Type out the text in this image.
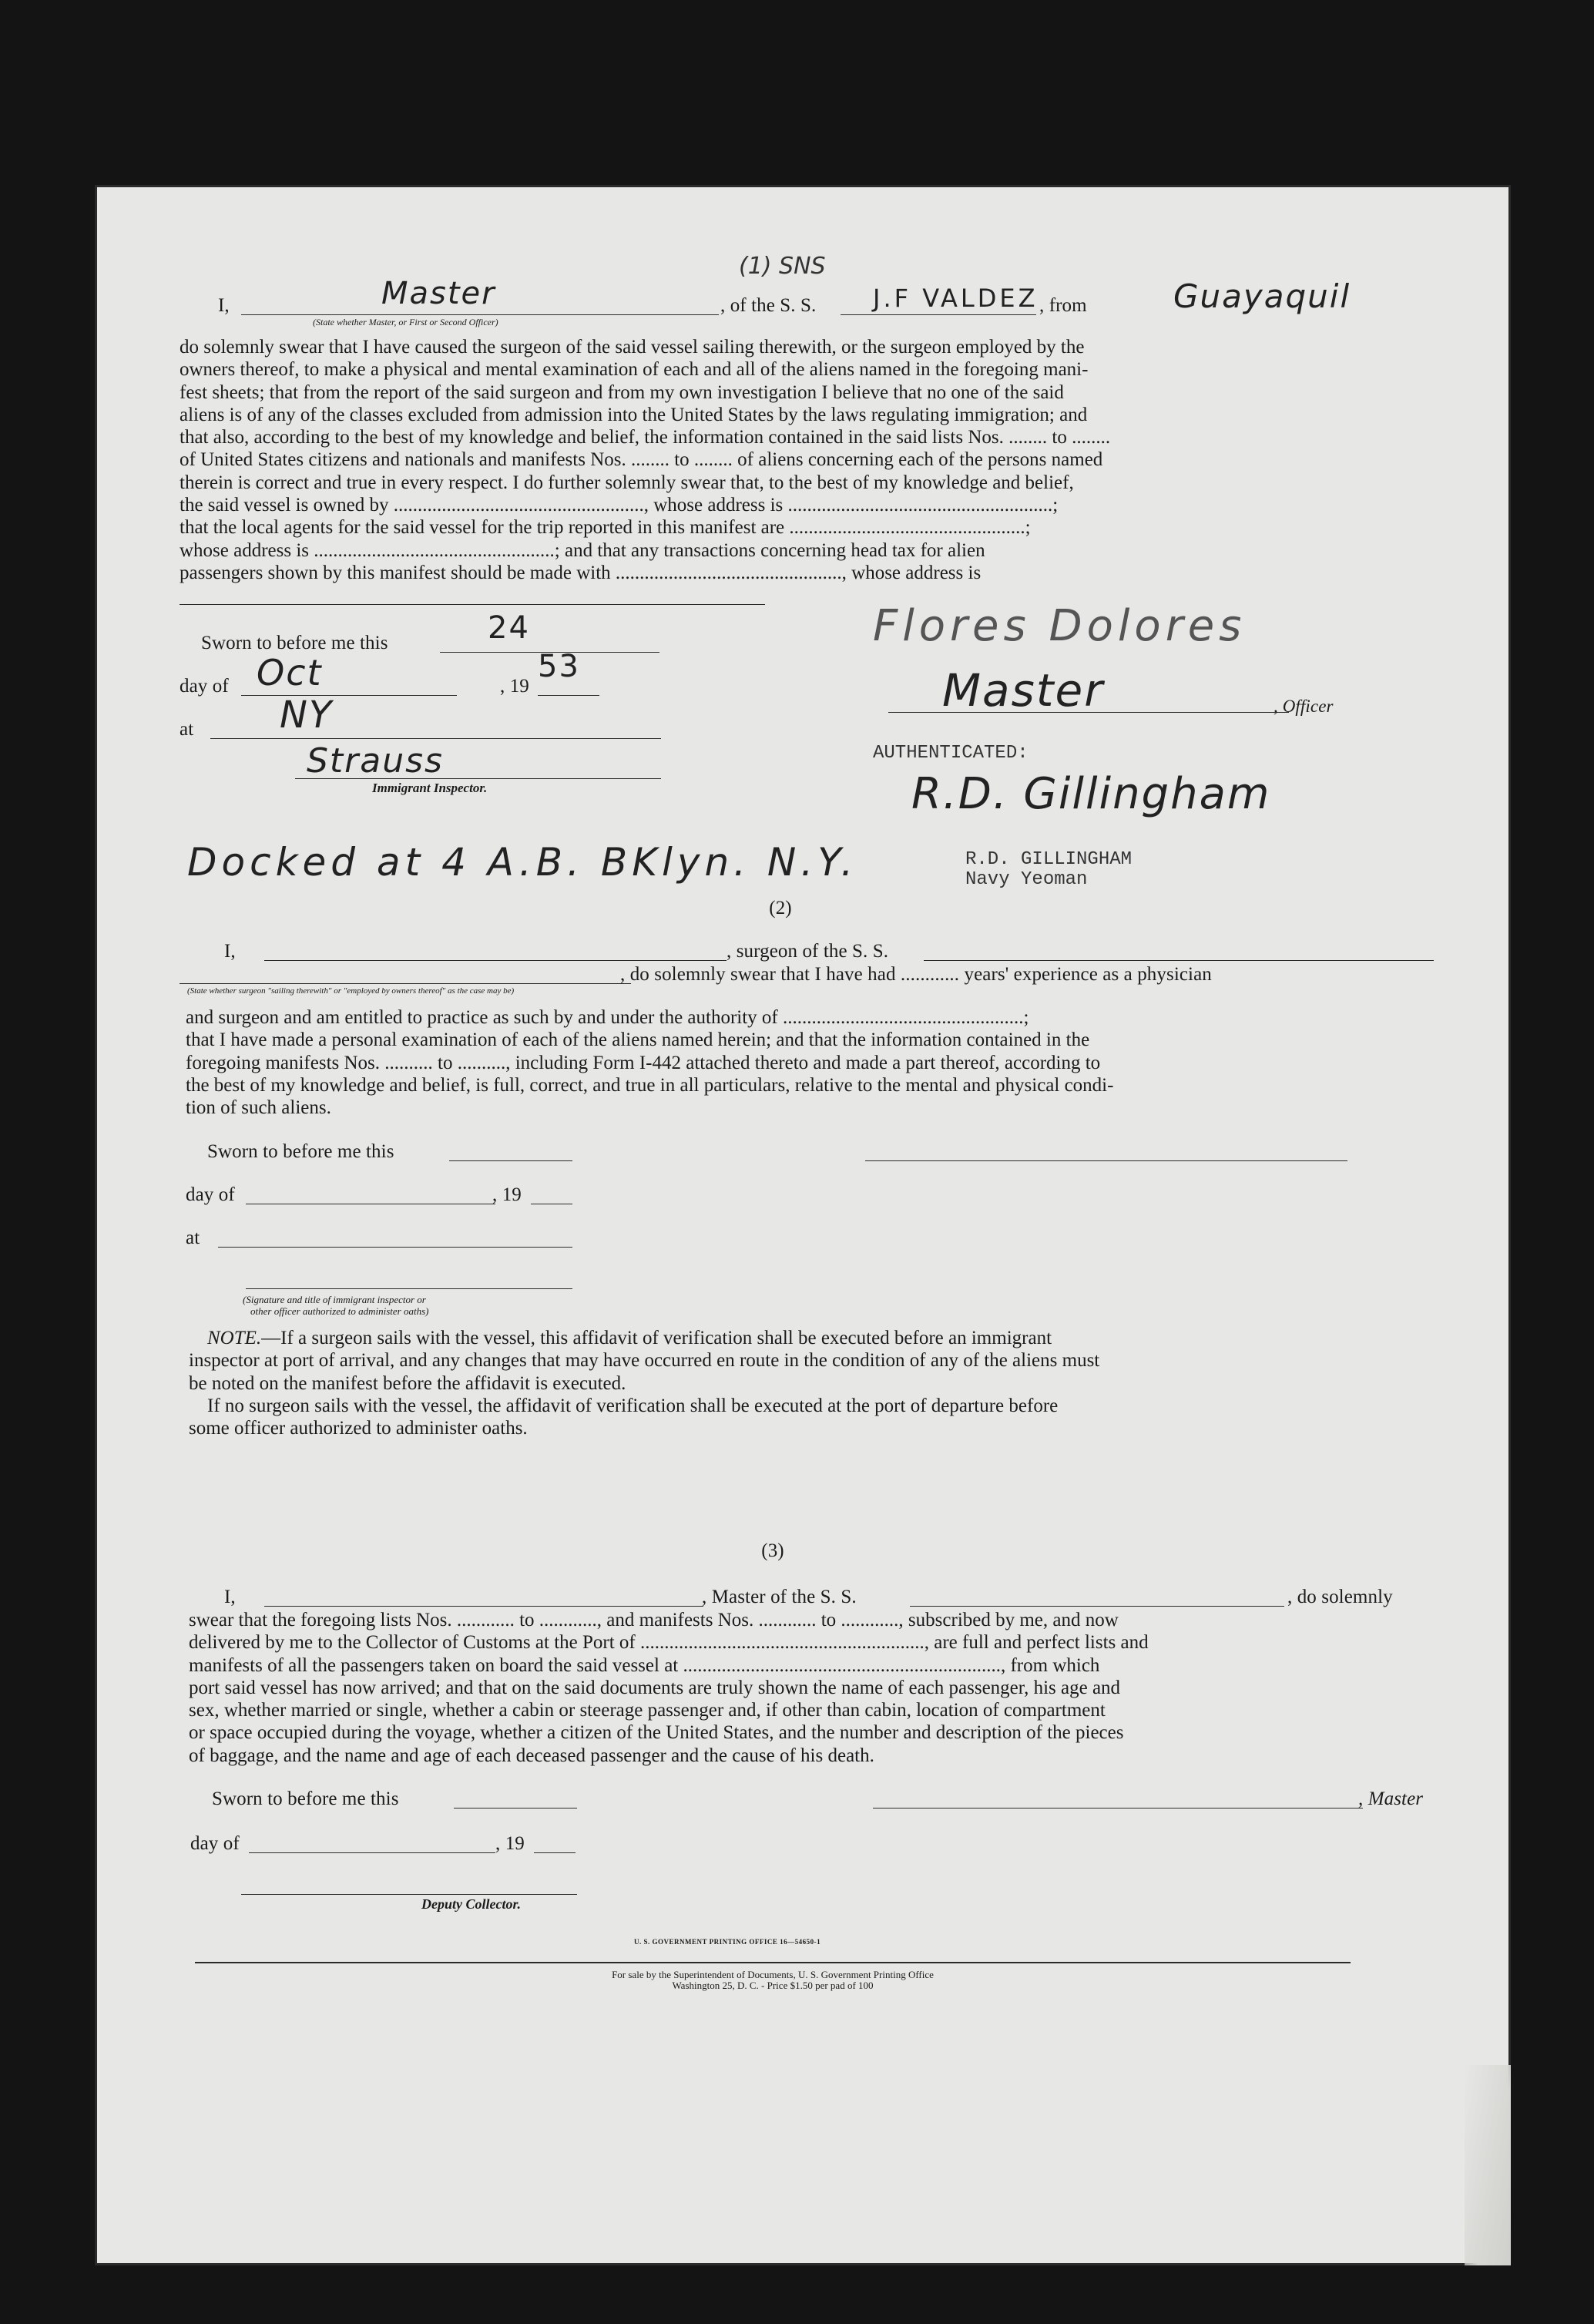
(1) SNS
I,	Master
(State whether Master, or First or Second Officer)
, of the S. S. J.F VALDEZ , from	Guayaquil
do solemnly swear that I have caused the surgeon of the said vessel sailing therewith, or the surgeon employed by the
owners thereof, to make a physical and mental examination of each and all of the aliens named in the foregoing mani-
fest sheets; that from the report of the said surgeon and from my own investigation I believe that no one of the said
aliens is of any of the classes excluded from admission into the United States by the laws regulating immigration; and
that also, according to the best of my knowledge and belief, the information contained in the said lists Nos. ........ to ........
of United States citizens and nationals and manifests Nos. ........ to ........ of aliens concerning each of the persons named
therein is correct and true in every respect. I do further solemnly swear that, to the best of my knowledge and belief,
the said vessel is owned by ...................................................., whose address is .......................................................;
that the local agents for the said vessel for the trip reported in this manifest are .................................................;
whose address is ..................................................; and that any transactions concerning head tax for alien
passengers shown by this manifest should be made with ..............................................., whose address is
Sworn to before me this	24
day of Oct	, 19
53
at NY
Strauss
Immigrant Inspector.
Flores Dolores
Master	, Officer
AUTHENTICATED:
R.D. Gillingham
R.D. GILLINGHAM
Navy Yeoman
Docked at 4 A.B. BKlyn. N.Y.
(2)
I,	, surgeon of the S. S.
, do solemnly swear that I have had ............ years' experience as a physician
(State whether surgeon "sailing therewith" or "employed by owners thereof" as the case may be)
and surgeon and am entitled to practice as such by and under the authority of ..................................................;
that I have made a personal examination of each of the aliens named herein; and that the information contained in the
foregoing manifests Nos. .......... to .........., including Form I-442 attached thereto and made a part thereof, according to
the best of my knowledge and belief, is full, correct, and true in all particulars, relative to the mental and physical condi-
tion of such aliens.
Sworn to before me this
day of	, 19
at
(Signature and title of immigrant inspector or
other officer authorized to administer oaths)
NOTE.—If a surgeon sails with the vessel, this affidavit of verification shall be executed before an immigrant
inspector at port of arrival, and any changes that may have occurred en route in the condition of any of the aliens must
be noted on the manifest before the affidavit is executed.
If no surgeon sails with the vessel, the affidavit of verification shall be executed at the port of departure before
some officer authorized to administer oaths.
(3)
I,	, Master of the S. S.	, do solemnly
swear that the foregoing lists Nos. ............ to ............, and manifests Nos. ............ to ............, subscribed by me, and now
delivered by me to the Collector of Customs at the Port of ..........................................................., are full and perfect lists and
manifests of all the passengers taken on board the said vessel at .................................................................., from which
port said vessel has now arrived; and that on the said documents are truly shown the name of each passenger, his age and
sex, whether married or single, whether a cabin or steerage passenger and, if other than cabin, location of compartment
or space occupied during the voyage, whether a citizen of the United States, and the number and description of the pieces
of baggage, and the name and age of each deceased passenger and the cause of his death.
Sworn to before me this	, Master
day of	, 19
Deputy Collector.
U. S. GOVERNMENT PRINTING OFFICE 16—54650-1
For sale by the Superintendent of Documents, U. S. Government Printing Office
Washington 25, D. C. - Price $1.50 per pad of 100
